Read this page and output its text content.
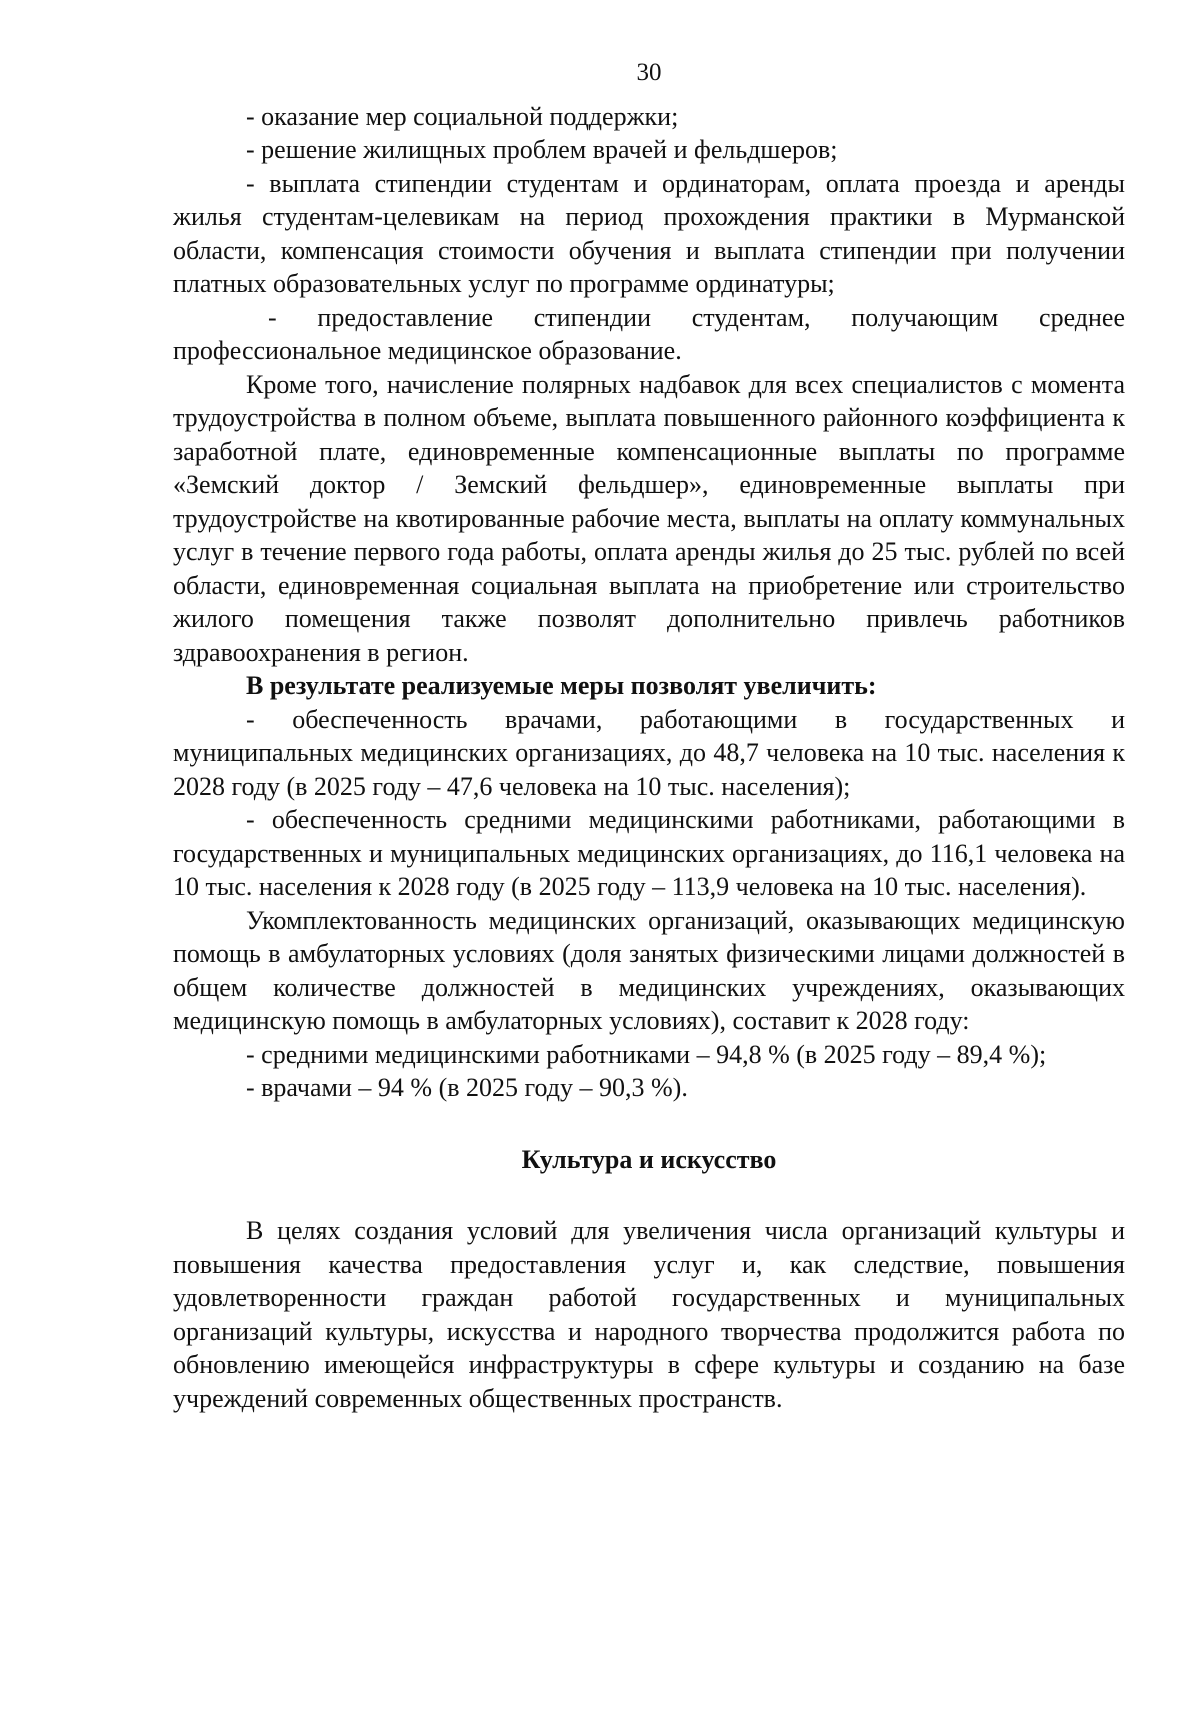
30

- оказание мер социальной поддержки;

- решение жилищных проблем врачей и фельдшеров;

- выплата стипендии студентам и ординаторам, оплата проезда и аренды жилья студентам-целевикам на период прохождения практики в Мурманской области, компенсация стоимости обучения и выплата стипендии при получении платных образовательных услуг по программе ординатуры;

- предоставление стипендии студентам, получающим среднее профессиональное медицинское образование.

Кроме того, начисление полярных надбавок для всех специалистов с момента трудоустройства в полном объеме, выплата повышенного районного коэффициента к заработной плате, единовременные компенсационные выплаты по программе «Земский доктор / Земский фельдшер», единовременные выплаты при трудоустройстве на квотированные рабочие места, выплаты на оплату коммунальных услуг в течение первого года работы, оплата аренды жилья до 25 тыс. рублей по всей области, единовременная социальная выплата на приобретение или строительство жилого помещения также позволят дополнительно привлечь работников здравоохранения в регион.

В результате реализуемые меры позволят увеличить:

- обеспеченность врачами, работающими в государственных и муниципальных медицинских организациях, до 48,7 человека на 10 тыс. населения к 2028 году (в 2025 году – 47,6 человека на 10 тыс. населения);

- обеспеченность средними медицинскими работниками, работающими в государственных и муниципальных медицинских организациях, до 116,1 человека на 10 тыс. населения к 2028 году (в 2025 году – 113,9 человека на 10 тыс. населения).

Укомплектованность медицинских организаций, оказывающих медицинскую помощь в амбулаторных условиях (доля занятых физическими лицами должностей в общем количестве должностей в медицинских учреждениях, оказывающих медицинскую помощь в амбулаторных условиях), составит к 2028 году:

- средними медицинскими работниками – 94,8 % (в 2025 году – 89,4 %);

- врачами – 94 % (в 2025 году – 90,3 %).

Культура и искусство

В целях создания условий для увеличения числа организаций культуры и повышения качества предоставления услуг и, как следствие, повышения удовлетворенности граждан работой государственных и муниципальных организаций культуры, искусства и народного творчества продолжится работа по обновлению имеющейся инфраструктуры в сфере культуры и созданию на базе учреждений современных общественных пространств.
